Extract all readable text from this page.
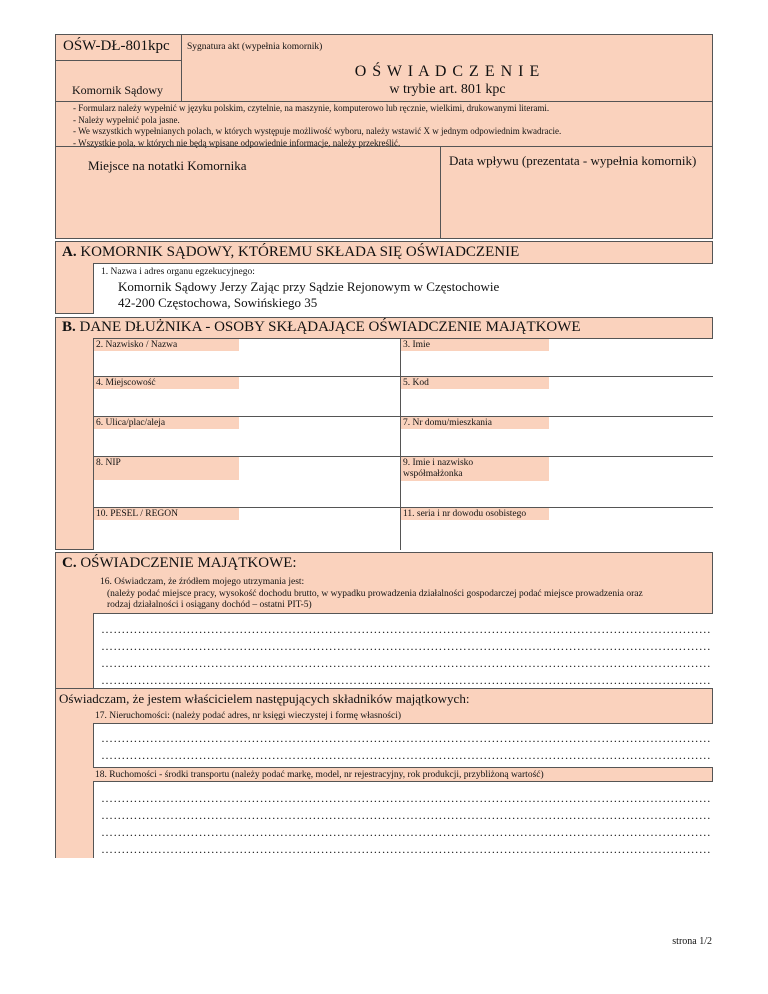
OŚW-DŁ-801kpc Sygnatura akt (wypełnia komornik)
Komornik Sądowy
O Ś W I A D C Z E N I E
w trybie art. 801 kpc
- Formularz należy wypełnić w języku polskim, czytelnie, na maszynie, komputerowo lub ręcznie, wielkimi, drukowanymi literami.
- Należy wypełnić pola jasne.
- We wszystkich wypełnianych polach, w których występuje możliwość wyboru, należy wstawić X w jednym odpowiednim kwadracie.
- Wszystkie pola, w których nie będą wpisane odpowiednie informacje, należy przekreślić.
Miejsce na notatki Komornika	Data wpływu (prezentata - wypełnia komornik)
A. KOMORNIK SĄDOWY, KTÓREMU SKŁADA SIĘ OŚWIADCZENIE
1. Nazwa i adres organu egzekucyjnego:
Komornik Sądowy Jerzy Zając przy Sądzie Rejonowym w Częstochowie
42-200 Częstochowa, Sowińskiego 35
B. DANE DŁUŻNIKA - OSOBY SKŁĄDAJĄCE OŚWIADCZENIE MAJĄTKOWE
2. Nazwisko / Nazwa	3. Imie
4. Miejscowość	5. Kod
6. Ulica/plac/aleja	7. Nr domu/mieszkania
8. NIP	9. Imie i nazwisko
współmałżonka
10. PESEL / REGON	11. seria i nr dowodu osobistego
C. OŚWIADCZENIE MAJĄTKOWE:
16. Oświadczam, że źródłem mojego utrzymania jest:
(należy podać miejsce pracy, wysokość dochodu brutto, w wypadku prowadzenia działalności gospodarczej podać miejsce prowadzenia oraz
rodzaj działalności i osiągany dochód – ostatni PIT-5)
……………………………………………………………………………………………………………………………………
……………………………………………………………………………………………………………………………………
……………………………………………………………………………………………………………………………………
……………………………………………………………………………………………………………………………………
Oświadczam, że jestem właścicielem następujących składników majątkowych:
17. Nieruchomości: (należy podać adres, nr księgi wieczystej i formę własności)
……………………………………………………………………………………………………………………………………
……………………………………………………………………………………………………………………………………
18. Ruchomości - środki transportu (należy podać markę, model, nr rejestracyjny, rok produkcji, przybliżoną wartość)
……………………………………………………………………………………………………………………………………
……………………………………………………………………………………………………………………………………
……………………………………………………………………………………………………………………………………
……………………………………………………………………………………………………………………………………
strona 1/2
